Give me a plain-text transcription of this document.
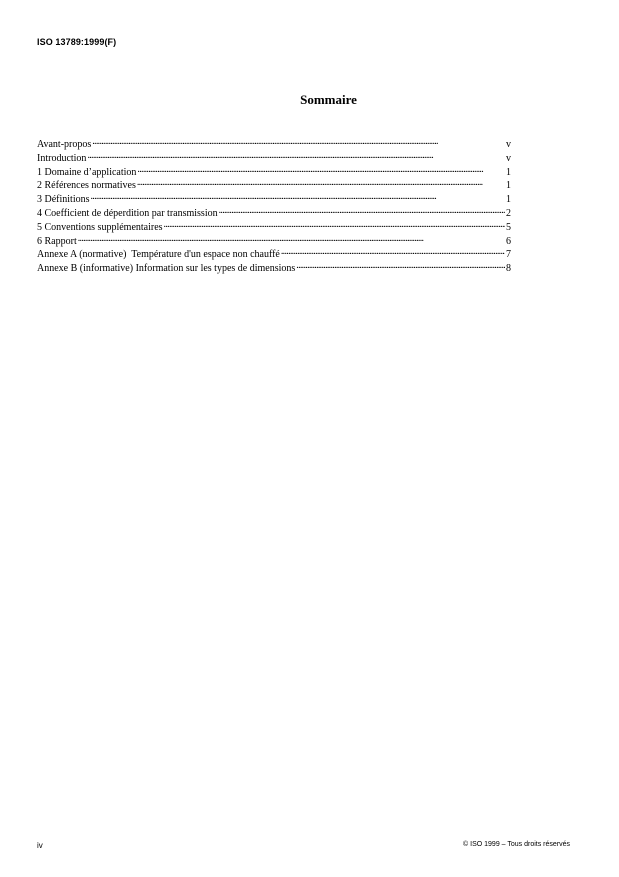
ISO 13789:1999(F)
Sommaire
Avant-propos . . .	v
Introduction . . .	v
1 Domaine d’application . . .	1
2 Références normatives . . .	1
3 Définitions . . .	1
4 Coefficient de déperdition par transmission . . .	2
5 Conventions supplémentaires . . .	5
6 Rapport . . .	6
Annexe A (normative)  Température d'un espace non chauffé . . .	7
Annexe B (informative) Information sur les types de dimensions . . .	8
iv	© ISO 1999 – Tous droits réservés
